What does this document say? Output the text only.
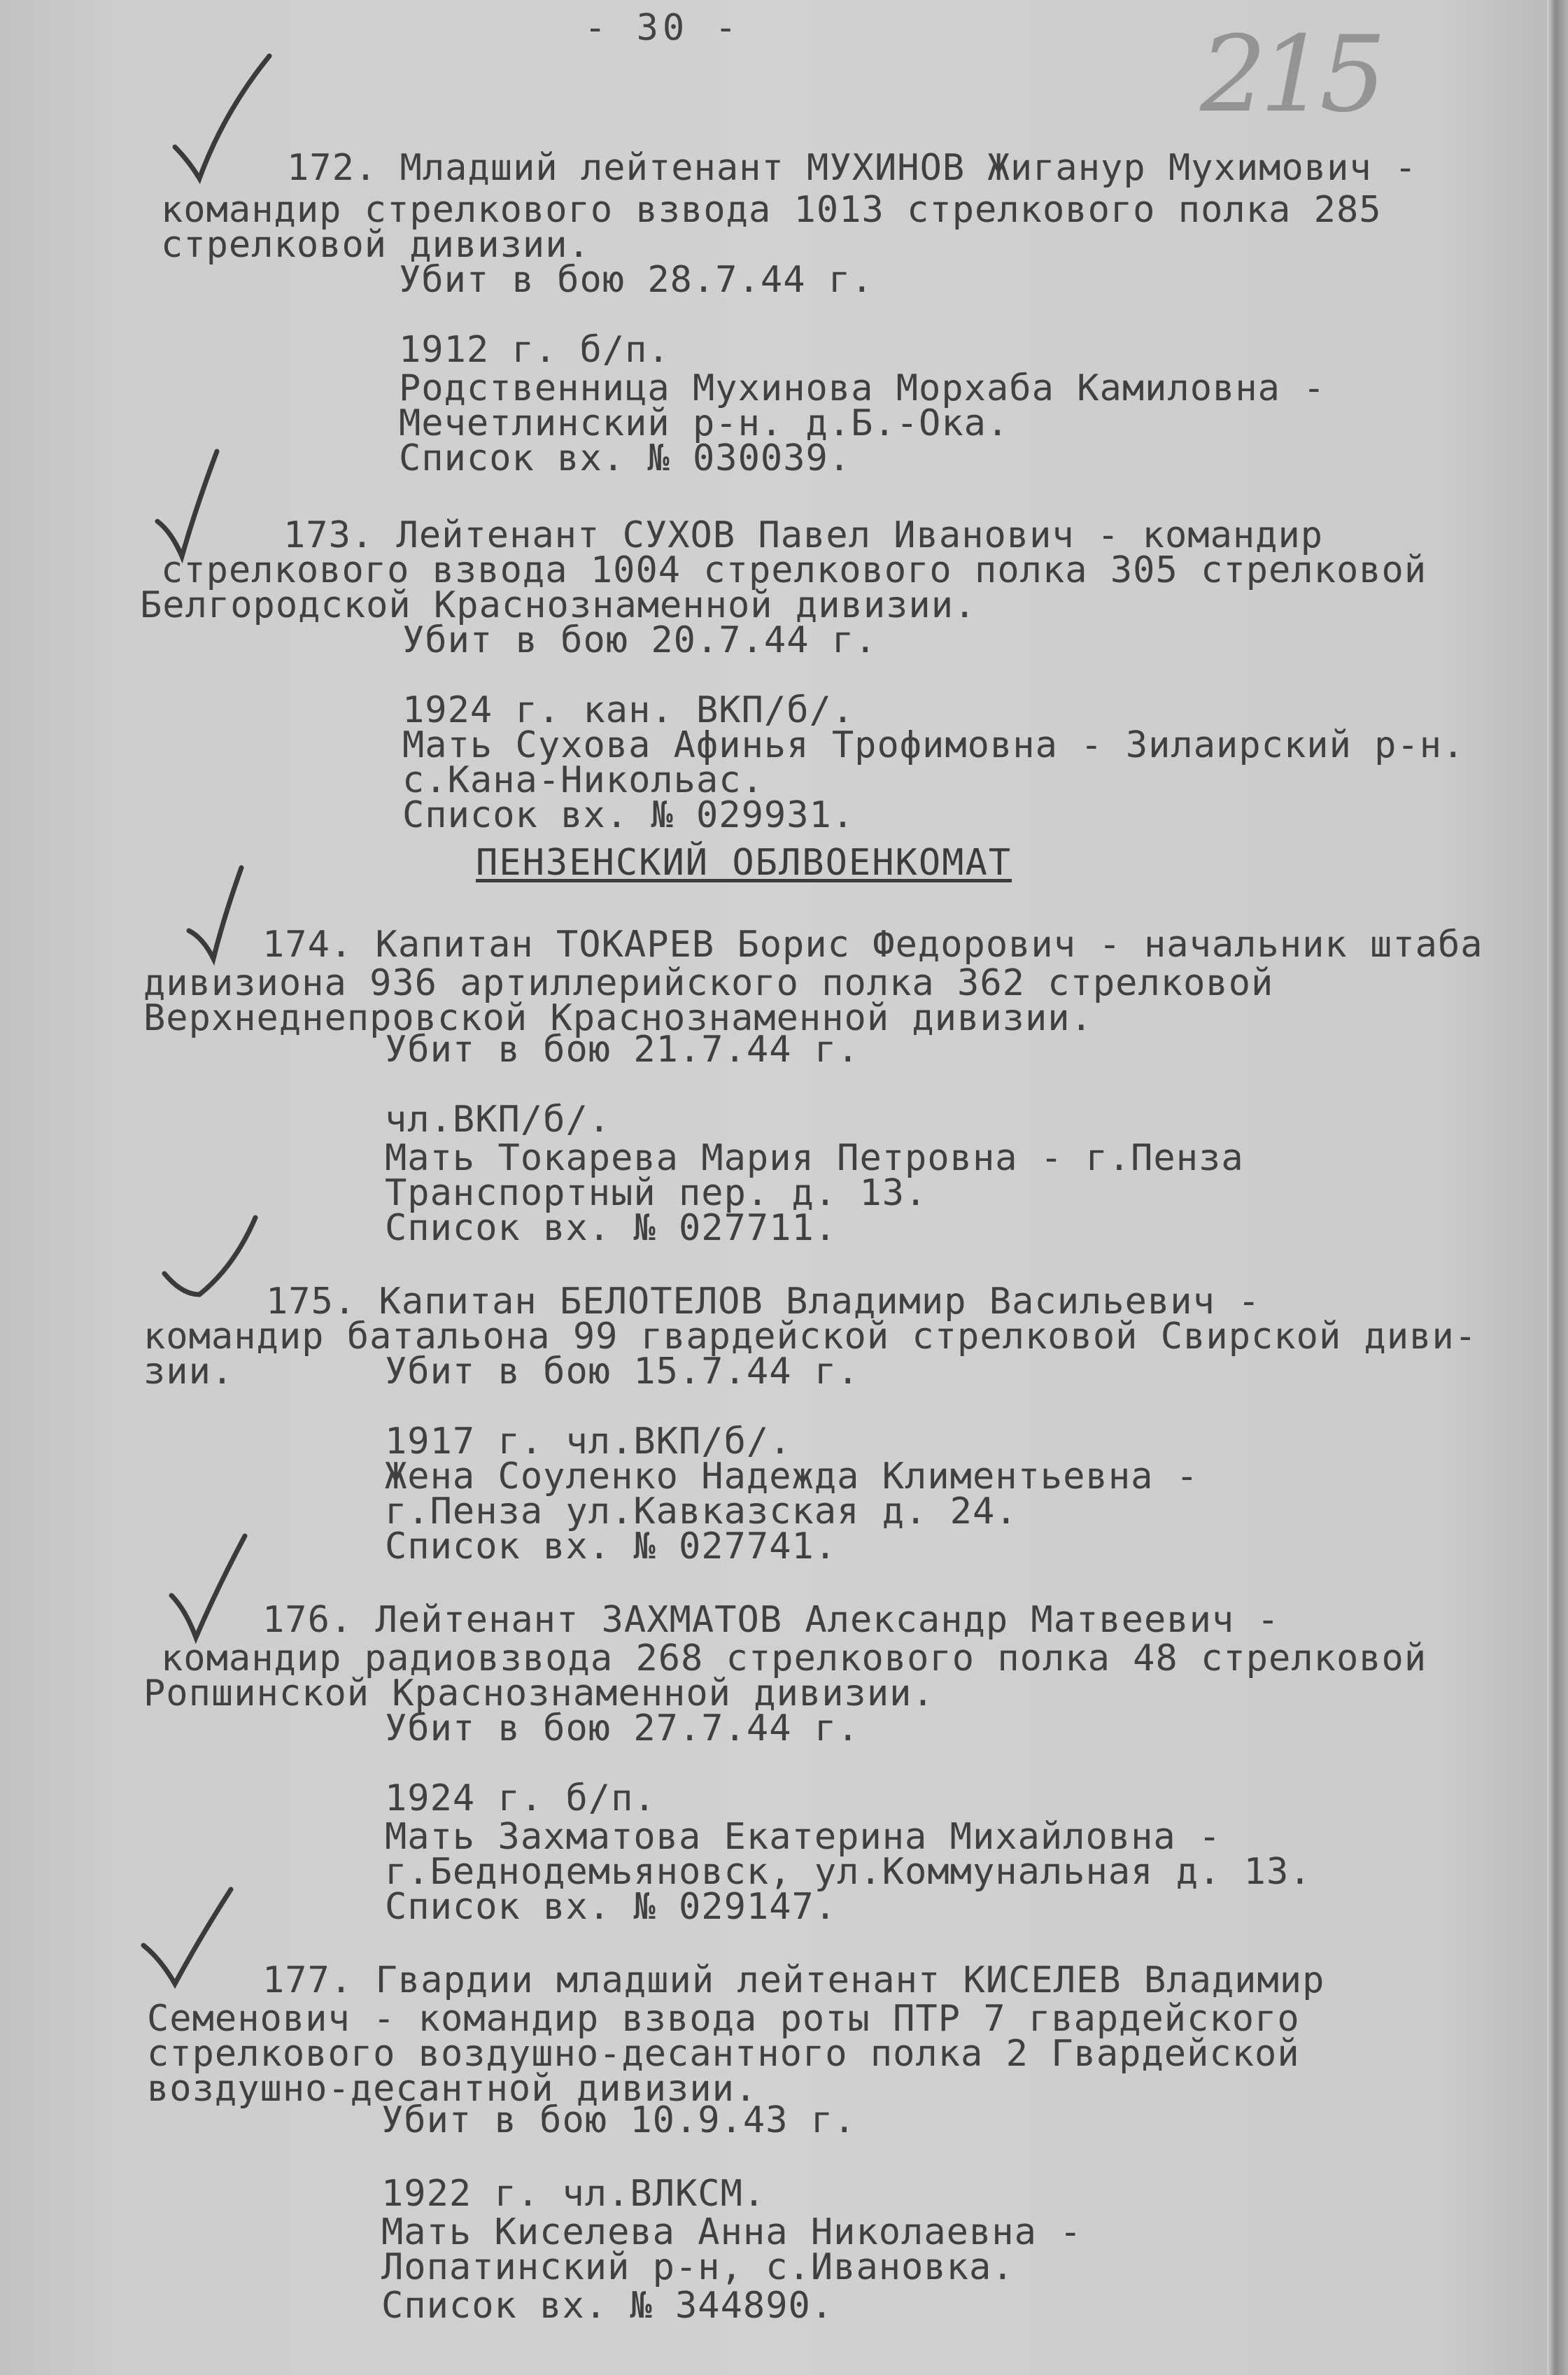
- 30 -	215
172. Младший лейтенант МУХИНОВ Жиганур Мухимович -
командир стрелкового взвода 1013 стрелкового полка 285
стрелковой дивизии.
Убит в бою 28.7.44 г.
1912 г. б/п.
Родственница Мухинова Морхаба Камиловна -
Мечетлинский р-н. д.Б.-Ока.
Список вх. № 030039.
173. Лейтенант СУХОВ Павел Иванович - командир
стрелкового взвода 1004 стрелкового полка 305 стрелковой
Белгородской Краснознаменной дивизии.
Убит в бою 20.7.44 г.
1924 г. кан. ВКП/б/.
Мать Сухова Афинья Трофимовна - Зилаирский р-н.
с.Кана-Никольас.
Список вх. № 029931.
ПЕНЗЕНСКИЙ ОБЛВОЕНКОМАТ
174. Капитан ТОКАРЕВ Борис Федорович - начальник штаба
дивизиона 936 артиллерийского полка 362 стрелковой
Верхнеднепровской Краснознаменной дивизии.
Убит в бою 21.7.44 г.
чл.ВКП/б/.
Мать Токарева Мария Петровна - г.Пенза
Транспортный пер. д. 13.
Список вх. № 027711.
175. Капитан БЕЛОТЕЛОВ Владимир Васильевич -
командир батальона 99 гвардейской стрелковой Свирской диви-
зии.	Убит в бою 15.7.44 г.
1917 г. чл.ВКП/б/.
Жена Соуленко Надежда Климентьевна -
г.Пенза ул.Кавказская д. 24.
Список вх. № 027741.
176. Лейтенант ЗАХМАТОВ Александр Матвеевич -
командир радиовзвода 268 стрелкового полка 48 стрелковой
Ропшинской Краснознаменной дивизии.
Убит в бою 27.7.44 г.
1924 г. б/п.
Мать Захматова Екатерина Михайловна -
г.Беднодемьяновск, ул.Коммунальная д. 13.
Список вх. № 029147.
177. Гвардии младший лейтенант КИСЕЛЕВ Владимир
Семенович - командир взвода роты ПТР 7 гвардейского
стрелкового воздушно-десантного полка 2 Гвардейской
воздушно-десантной дивизии.
Убит в бою 10.9.43 г.
1922 г. чл.ВЛКСМ.
Мать Киселева Анна Николаевна -
Лопатинский р-н, с.Ивановка.
Список вх. № 344890.
